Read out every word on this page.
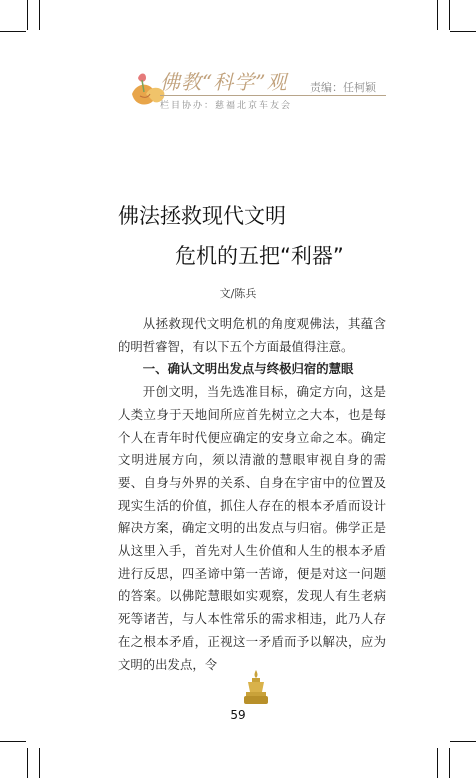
佛教“科学”观 责编：任柯颖
栏目协办：慈福北京车友会
佛法拯救现代文明
危机的五把“利器”
文/陈兵

从拯救现代文明危机的角度观佛法，其蕴含的明哲睿智，有以下五个方面最值得注意。

一、确认文明出发点与终极归宿的慧眼

开创文明，当先选准目标，确定方向，这是人类立身于天地间所应首先树立之大本，也是每个人在青年时代便应确定的安身立命之本。确定文明进展方向，须以清澈的慧眼审视自身的需要、自身与外界的关系、自身在宇宙中的位置及现实生活的价值，抓住人存在的根本矛盾而设计解决方案，确定文明的出发点与归宿。佛学正是从这里入手，首先对人生价值和人生的根本矛盾进行反思，四圣谛中第一苦谛，便是对这一问题的答案。以佛陀慧眼如实观察，发现人有生老病死等诸苦，与人本性常乐的需求相违，此乃人存在之根本矛盾，正视这一矛盾而予以解决，应为文明的出发点，令

59
